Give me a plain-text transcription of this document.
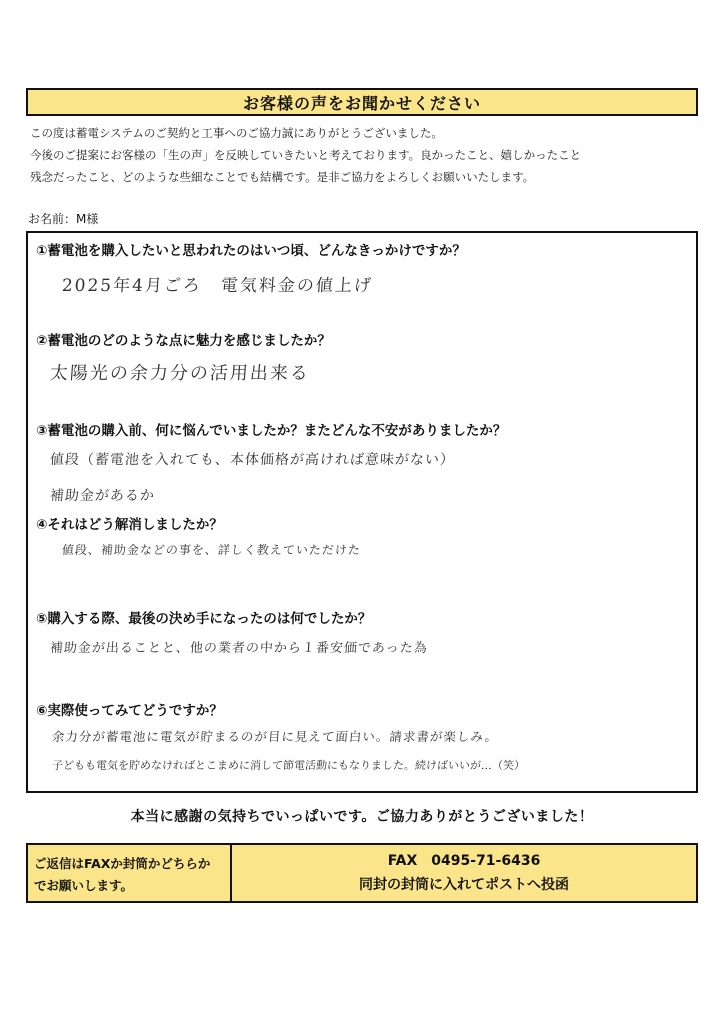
お客様の声をお聞かせください
この度は蓄電システムのご契約と工事へのご協力誠にありがとうございました。
今後のご提案にお客様の「生の声」を反映していきたいと考えております。良かったこと、嬉しかったこと
残念だったこと、どのような些細なことでも結構です。是非ご協力をよろしくお願いいたします。
お名前：M様
①蓄電池を購入したいと思われたのはいつ頃、どんなきっかけですか？
2025年4月ごろ　電気料金の値上げ
②蓄電池のどのような点に魅力を感じましたか？
太陽光の余力分の活用出来る
③蓄電池の購入前、何に悩んでいましたか？またどんな不安がありましたか？
値段（蓄電池を入れても、本体価格が高ければ意味がない）
補助金があるか
④それはどう解消しましたか？
値段、補助金などの事を、詳しく教えていただけた
⑤購入する際、最後の決め手になったのは何でしたか？
補助金が出ることと、他の業者の中から１番安価であった為
⑥実際使ってみてどうですか？
余力分が蓄電池に電気が貯まるのが目に見えて面白い。請求書が楽しみ。
子どもも電気を貯めなければとこまめに消して節電活動にもなりました。続けばいいが…（笑）
本当に感謝の気持ちでいっぱいです。ご協力ありがとうございました！
ご返信はFAXか封筒かどちらか
でお願いします。
FAX　0495-71-6436
同封の封筒に入れてポストへ投函
